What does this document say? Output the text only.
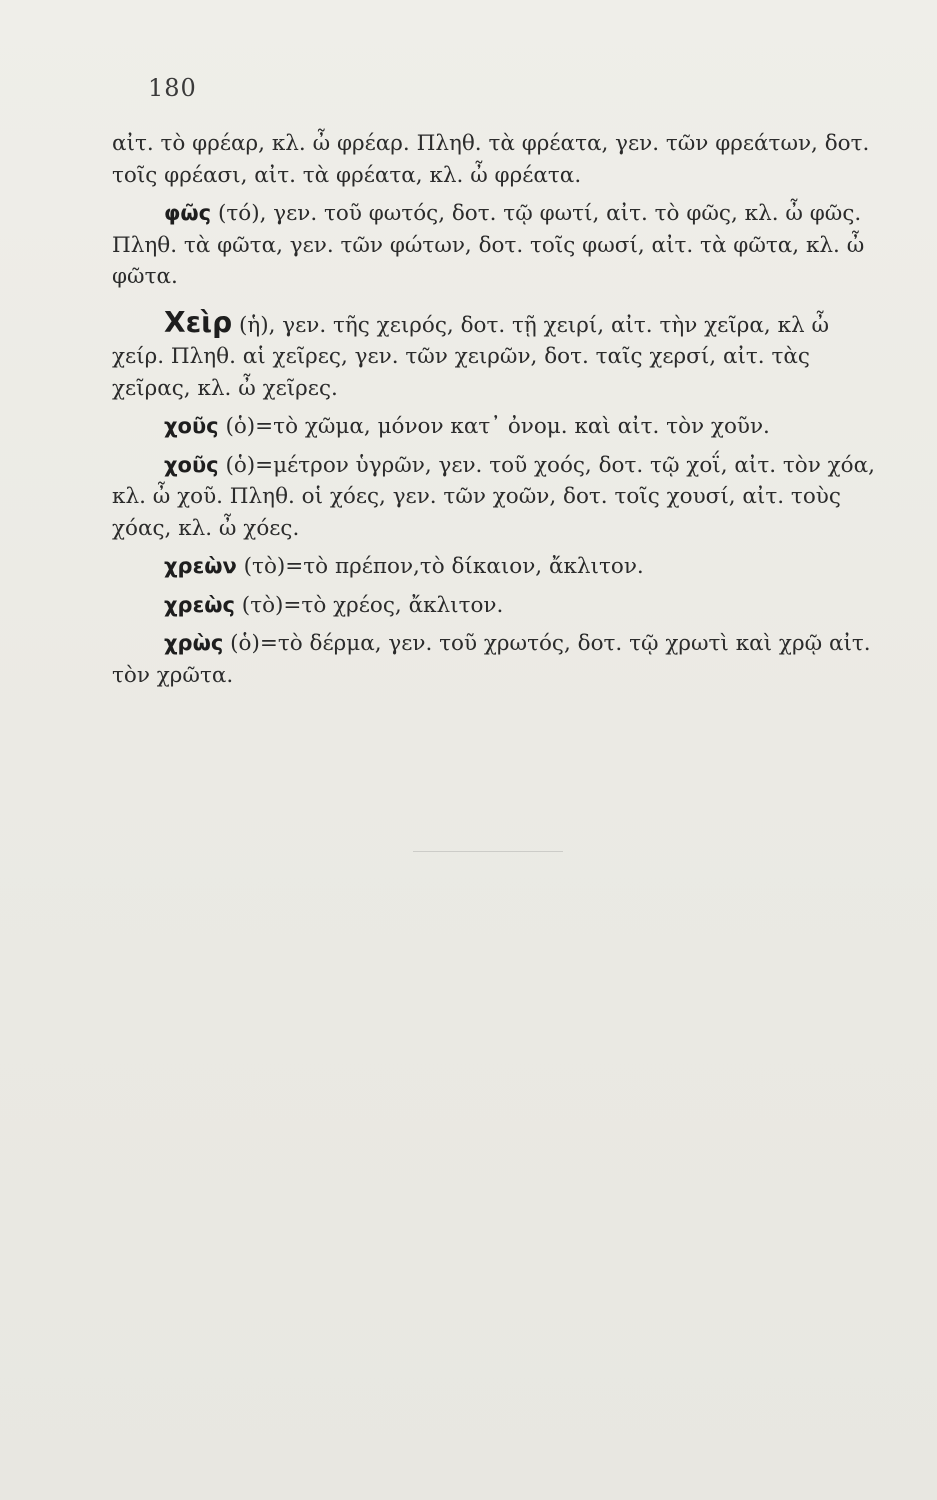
180

αἰτ. τὸ φρέαρ, κλ. ὦ φρέαρ. Πληθ. τὰ φρέατα, γεν. τῶν φρεάτων, δοτ. τοῖς φρέασι, αἰτ. τὰ φρέατα, κλ. ὦ φρέατα.

φῶς (τό), γεν. τοῦ φωτός, δοτ. τῷ φωτί, αἰτ. τὸ φῶς, κλ. ὦ φῶς. Πληθ. τὰ φῶτα, γεν. τῶν φώτων, δοτ. τοῖς φωσί, αἰτ. τὰ φῶτα, κλ. ὦ φῶτα.

Χεὶρ (ἡ), γεν. τῆς χειρός, δοτ. τῇ χειρί, αἰτ. τὴν χεῖρα, κλ ὦ χείρ. Πληθ. αἱ χεῖρες, γεν. τῶν χειρῶν, δοτ. ταῖς χερσί, αἰτ. τὰς χεῖρας, κλ. ὦ χεῖρες.

χοῦς (ὁ)=τὸ χῶμα, μόνον κατ᾽ ὀνομ. καὶ αἰτ. τὸν χοῦν.

χοῦς (ὁ)=μέτρον ὑγρῶν, γεν. τοῦ χοός, δοτ. τῷ χοΐ, αἰτ. τὸν χόα, κλ. ὦ χοῦ. Πληθ. οἱ χόες, γεν. τῶν χοῶν, δοτ. τοῖς χουσί, αἰτ. τοὺς χόας, κλ. ὦ χόες.

χρεὼν (τὸ)=τὸ πρέπον,τὸ δίκαιον, ἄκλιτον.

χρεὼς (τὸ)=τὸ χρέος, ἄκλιτον.

χρὼς (ὁ)=τὸ δέρμα, γεν. τοῦ χρωτός, δοτ. τῷ χρωτὶ καὶ χρῷ αἰτ. τὸν χρῶτα.
